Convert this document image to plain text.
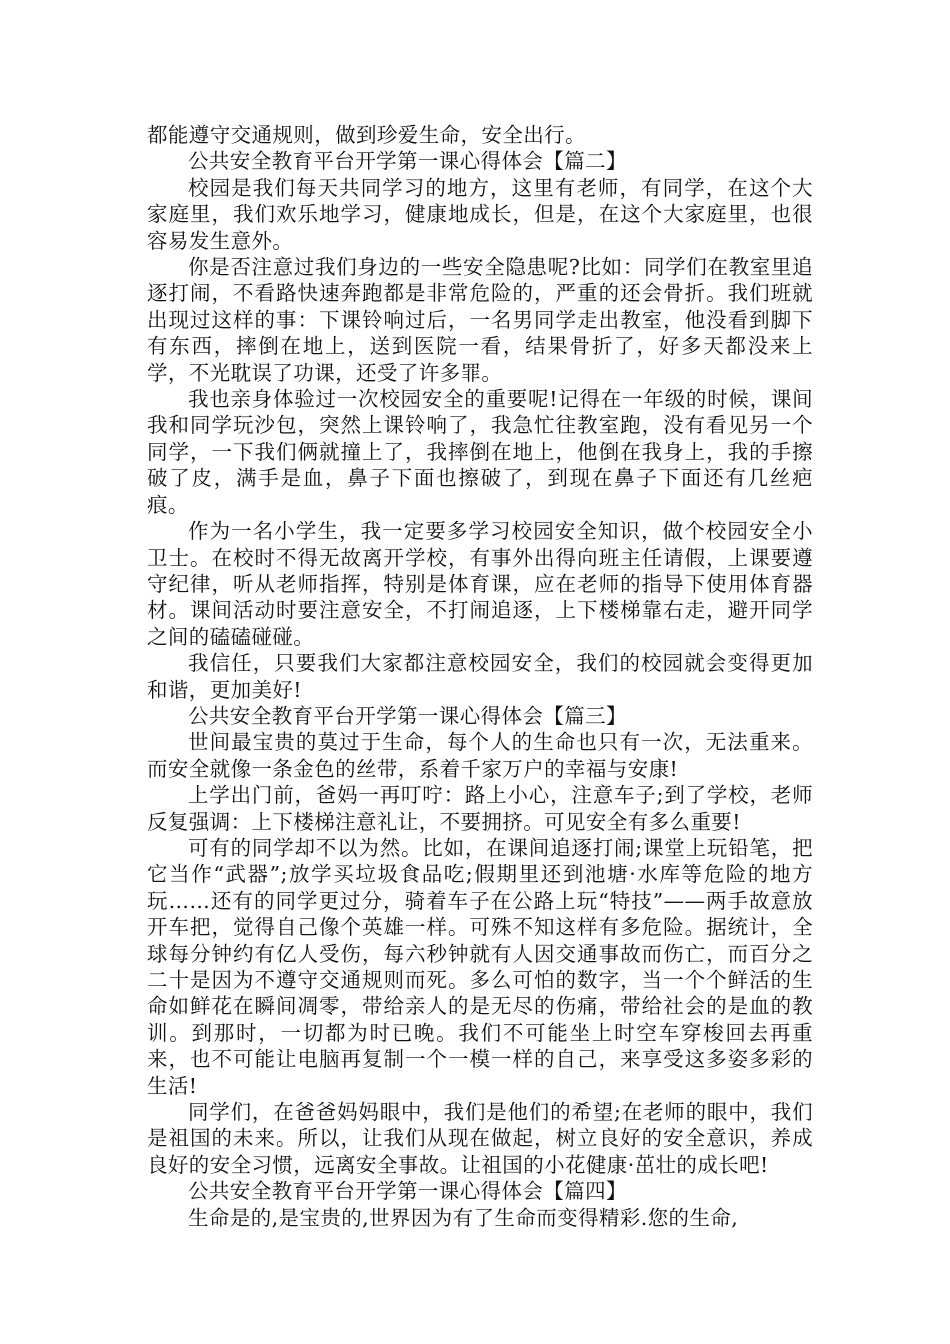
都能遵守交通规则，做到珍爱生命，安全出行。

公共安全教育平台开学第一课心得体会【篇二】

校园是我们每天共同学习的地方，这里有老师，有同学，在这个大家庭里，我们欢乐地学习，健康地成长，但是，在这个大家庭里，也很容易发生意外。

你是否注意过我们身边的一些安全隐患呢?比如：同学们在教室里追逐打闹，不看路快速奔跑都是非常危险的，严重的还会骨折。我们班就出现过这样的事：下课铃响过后，一名男同学走出教室，他没看到脚下有东西，摔倒在地上，送到医院一看，结果骨折了，好多天都没来上学，不光耽误了功课，还受了许多罪。

我也亲身体验过一次校园安全的重要呢!记得在一年级的时候，课间我和同学玩沙包，突然上课铃响了，我急忙往教室跑，没有看见另一个同学，一下我们俩就撞上了，我摔倒在地上，他倒在我身上，我的手擦破了皮，满手是血，鼻子下面也擦破了，到现在鼻子下面还有几丝疤痕。

作为一名小学生，我一定要多学习校园安全知识，做个校园安全小卫士。在校时不得无故离开学校，有事外出得向班主任请假，上课要遵守纪律，听从老师指挥，特别是体育课，应在老师的指导下使用体育器材。课间活动时要注意安全，不打闹追逐，上下楼梯靠右走，避开同学之间的磕磕碰碰。

我信任，只要我们大家都注意校园安全，我们的校园就会变得更加和谐，更加美好!

公共安全教育平台开学第一课心得体会【篇三】

世间最宝贵的莫过于生命，每个人的生命也只有一次，无法重来。而安全就像一条金色的丝带，系着千家万户的幸福与安康!

上学出门前，爸妈一再叮咛：路上小心，注意车子;到了学校，老师反复强调：上下楼梯注意礼让，不要拥挤。可见安全有多么重要!

可有的同学却不以为然。比如，在课间追逐打闹;课堂上玩铅笔，把它当作“武器”;放学买垃圾食品吃;假期里还到池塘·水库等危险的地方玩……还有的同学更过分，骑着车子在公路上玩“特技”——两手故意放开车把，觉得自己像个英雄一样。可殊不知这样有多危险。据统计，全球每分钟约有亿人受伤，每六秒钟就有人因交通事故而伤亡，而百分之二十是因为不遵守交通规则而死。多么可怕的数字，当一个个鲜活的生命如鲜花在瞬间凋零，带给亲人的是无尽的伤痛，带给社会的是血的教训。到那时，一切都为时已晚。我们不可能坐上时空车穿梭回去再重来，也不可能让电脑再复制一个一模一样的自己，来享受这多姿多彩的生活!

同学们，在爸爸妈妈眼中，我们是他们的希望;在老师的眼中，我们是祖国的未来。所以，让我们从现在做起，树立良好的安全意识，养成良好的安全习惯，远离安全事故。让祖国的小花健康·茁壮的成长吧!

公共安全教育平台开学第一课心得体会【篇四】

生命是的,是宝贵的,世界因为有了生命而变得精彩.您的生命,
